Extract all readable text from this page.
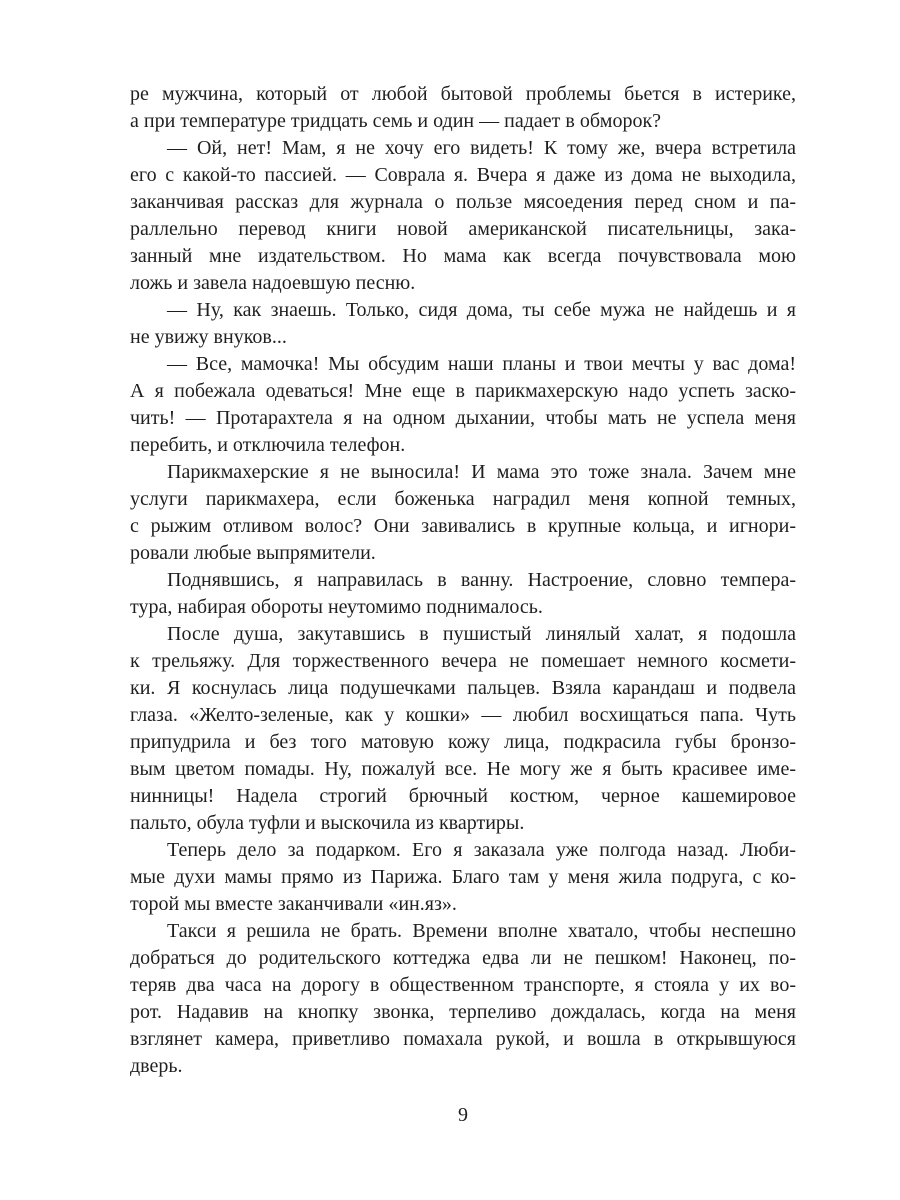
ре мужчина, который от любой бытовой проблемы бьется в истерике,
а при температуре тридцать семь и один — падает в обморок?

— Ой, нет! Мам, я не хочу его видеть! К тому же, вчера встретила
его с какой-то пассией. — Соврала я. Вчера я даже из дома не выходила,
заканчивая рассказ для журнала о пользе мясоедения перед сном и па-
раллельно перевод книги новой американской писательницы, зака-
занный мне издательством. Но мама как всегда почувствовала мою
ложь и завела надоевшую песню.

— Ну, как знаешь. Только, сидя дома, ты себе мужа не найдешь и я
не увижу внуков...

— Все, мамочка! Мы обсудим наши планы и твои мечты у вас дома!
А я побежала одеваться! Мне еще в парикмахерскую надо успеть заско-
чить! — Протарахтела я на одном дыхании, чтобы мать не успела меня
перебить, и отключила телефон.

Парикмахерские я не выносила! И мама это тоже знала. Зачем мне
услуги парикмахера, если боженька наградил меня копной темных,
с рыжим отливом волос? Они завивались в крупные кольца, и игнори-
ровали любые выпрямители.

Поднявшись, я направилась в ванну. Настроение, словно темпера-
тура, набирая обороты неутомимо поднималось.

После душа, закутавшись в пушистый линялый халат, я подошла
к трельяжу. Для торжественного вечера не помешает немного космети-
ки. Я коснулась лица подушечками пальцев. Взяла карандаш и подвела
глаза. «Желто-зеленые, как у кошки» — любил восхищаться папа. Чуть
припудрила и без того матовую кожу лица, подкрасила губы бронзо-
вым цветом помады. Ну, пожалуй все. Не могу же я быть красивее име-
нинницы! Надела строгий брючный костюм, черное кашемировое
пальто, обула туфли и выскочила из квартиры.

Теперь дело за подарком. Его я заказала уже полгода назад. Люби-
мые духи мамы прямо из Парижа. Благо там у меня жила подруга, с ко-
торой мы вместе заканчивали «ин.яз».

Такси я решила не брать. Времени вполне хватало, чтобы неспешно
добраться до родительского коттеджа едва ли не пешком! Наконец, по-
теряв два часа на дорогу в общественном транспорте, я стояла у их во-
рот. Надавив на кнопку звонка, терпеливо дождалась, когда на меня
взглянет камера, приветливо помахала рукой, и вошла в открывшуюся
дверь.

9
